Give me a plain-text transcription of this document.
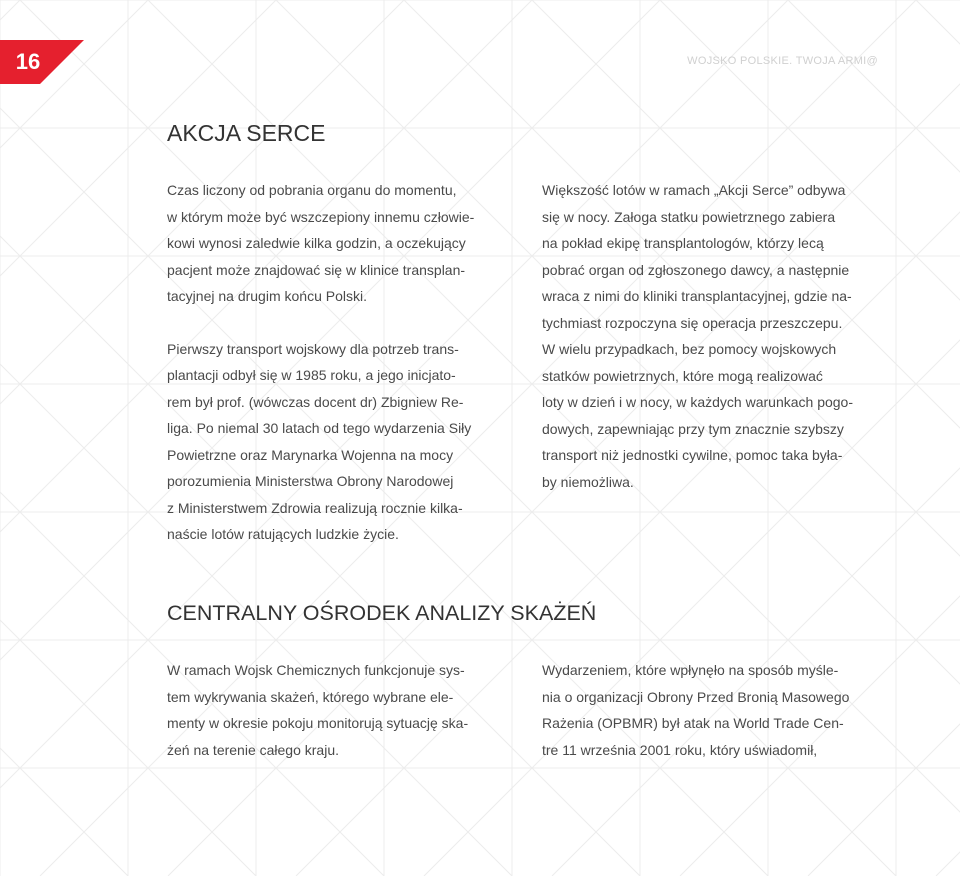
16	WOJSKO POLSKIE. TWOJA ARMI@
AKCJA SERCE

Czas liczony od pobrania organu do momentu,
w którym może być wszczepiony innemu człowie-
kowi wynosi zaledwie kilka godzin, a oczekujący
pacjent może znajdować się w klinice transplan-
tacyjnej na drugim końcu Polski.

Pierwszy transport wojskowy dla potrzeb trans-
plantacji odbył się w 1985 roku, a jego inicjato-
rem był prof. (wówczas docent dr) Zbigniew Re-
liga. Po niemal 30 latach od tego wydarzenia Siły
Powietrzne oraz Marynarka Wojenna na mocy
porozumienia Ministerstwa Obrony Narodowej
z Ministerstwem Zdrowia realizują rocznie kilka-
naście lotów ratujących ludzkie życie.

Większość lotów w ramach „Akcji Serce” odbywa
się w nocy. Załoga statku powietrznego zabiera
na pokład ekipę transplantologów, którzy lecą
pobrać organ od zgłoszonego dawcy, a następnie
wraca z nimi do kliniki transplantacyjnej, gdzie na-
tychmiast rozpoczyna się operacja przeszczepu.
W wielu przypadkach, bez pomocy wojskowych
statków powietrznych, które mogą realizować
loty w dzień i w nocy, w każdych warunkach pogo-
dowych, zapewniając przy tym znacznie szybszy
transport niż jednostki cywilne, pomoc taka była-
by niemożliwa.

CENTRALNY OŚRODEK ANALIZY SKAŻEŃ

W ramach Wojsk Chemicznych funkcjonuje sys-
tem wykrywania skażeń, którego wybrane ele-
menty w okresie pokoju monitorują sytuację ska-
żeń na terenie całego kraju.

Wydarzeniem, które wpłynęło na sposób myśle-
nia o organizacji Obrony Przed Bronią Masowego
Rażenia (OPBMR) był atak na World Trade Cen-
tre 11 września 2001 roku, który uświadomił,
